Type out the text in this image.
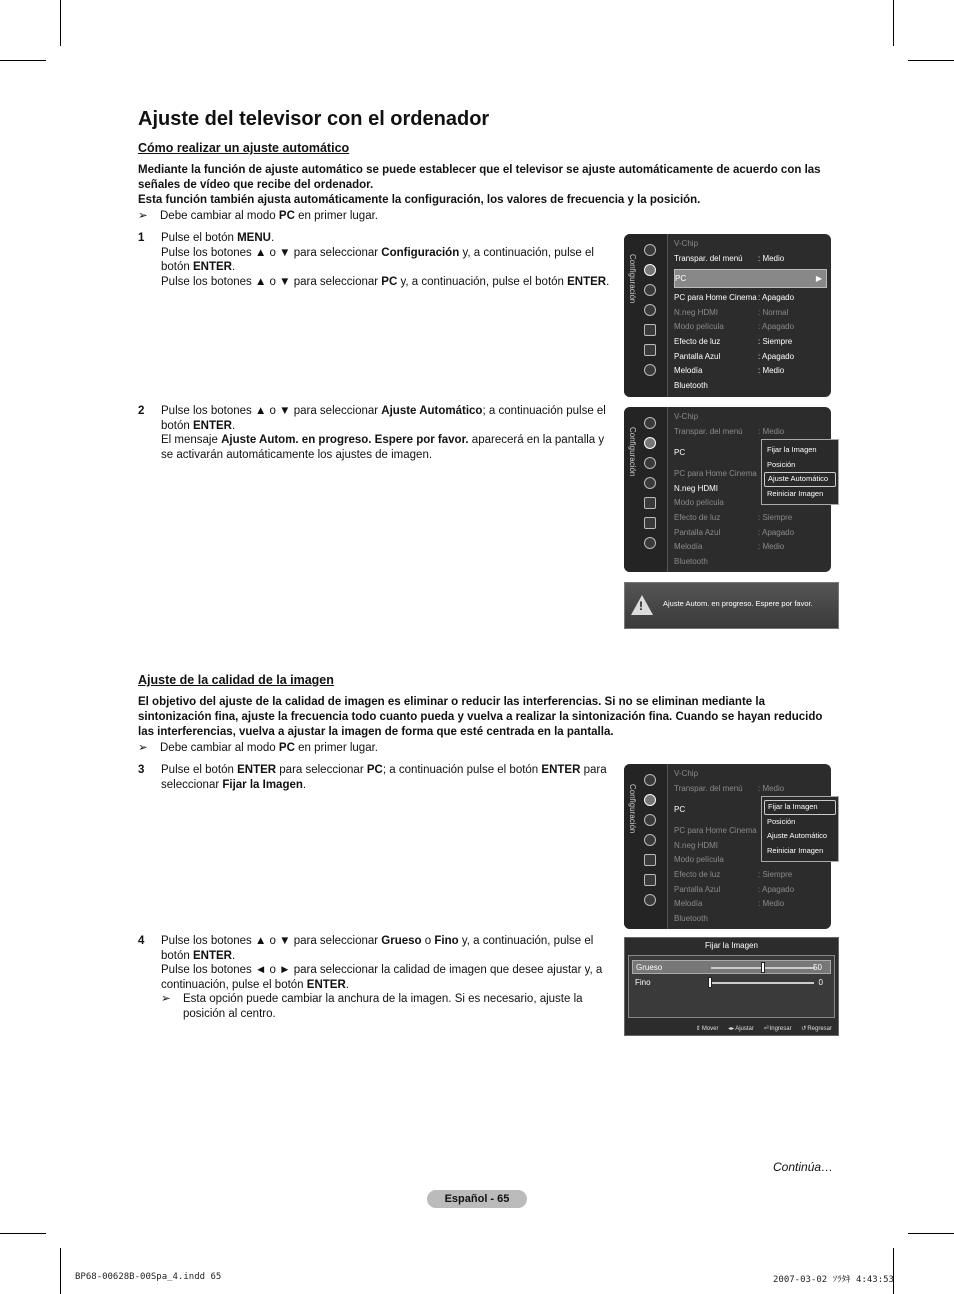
Ajuste del televisor con el ordenador
Cómo realizar un ajuste automático
Mediante la función de ajuste automático se puede establecer que el televisor se ajuste automáticamente de acuerdo con las señales de vídeo que recibe del ordenador.
Esta función también ajusta automáticamente la configuración, los valores de frecuencia y la posición.
➢ Debe cambiar al modo PC en primer lugar.
1 Pulse el botón MENU.
Pulse los botones ▲ o ▼ para seleccionar Configuración y, a continuación, pulse el botón ENTER.
Pulse los botones ▲ o ▼ para seleccionar PC y, a continuación, pulse el botón ENTER.	Configuración
V-Chip
Transpar. del menú : Medio
PC	▶
PC para Home Cinema : Apagado
N.neg HDMI	: Normal
Modo película	: Apagado
Efecto de luz	: Siempre
Pantalla Azul	: Apagado
Melodía	: Medio
Bluetooth
2 Pulse los botones ▲ o ▼ para seleccionar Ajuste Automático; a continuación pulse el botón ENTER.
El mensaje Ajuste Autom. en progreso. Espere por favor. aparecerá en la pantalla y se activarán automáticamente los ajustes de imagen.	Configuración
V-Chip
Transpar. del menú : Medio
PC
PC para Home Cinema
N.neg HDMI
Modo película
Efecto de luz	: Siempre
Pantalla Azul	: Apagado
Melodía	: Medio
Bluetooth
Fijar la Imagen
Posición
Ajuste Automático
Reiniciar Imagen
!	Ajuste Autom. en progreso. Espere por favor.
Ajuste de la calidad de la imagen
El objetivo del ajuste de la calidad de imagen es eliminar o reducir las interferencias. Si no se eliminan mediante la sintonización fina, ajuste la frecuencia todo cuanto pueda y vuelva a realizar la sintonización fina. Cuando se hayan reducido las interferencias, vuelva a ajustar la imagen de forma que esté centrada en la pantalla.
➢ Debe cambiar al modo PC en primer lugar.
3 Pulse el botón ENTER para seleccionar PC; a continuación pulse el botón ENTER para seleccionar Fijar la Imagen.	Configuración
V-Chip
Transpar. del menú : Medio
PC
PC para Home Cinema
N.neg HDMI
Modo película
Efecto de luz	: Siempre
Pantalla Azul	: Apagado
Melodía	: Medio
Bluetooth
Fijar la Imagen
Posición
Ajuste Automático
Reiniciar Imagen
4 Pulse los botones ▲ o ▼ para seleccionar Grueso o Fino y, a continuación, pulse el botón ENTER.
Pulse los botones ◄ o ► para seleccionar la calidad de imagen que desee ajustar y, a continuación, pulse el botón ENTER.
➢ Esta opción puede cambiar la anchura de la imagen. Si es necesario, ajuste la posición al centro.
Fijar la Imagen
Grueso	50
Fino	0
⇕Mover ◂▸Ajustar ⏎Ingresar ↺Regresar
Continúa…
Español - 65
BP68-00628B-00Spa_4.indd 65	2007-03-02 ｿﾗﾀｷ 4:43:53
